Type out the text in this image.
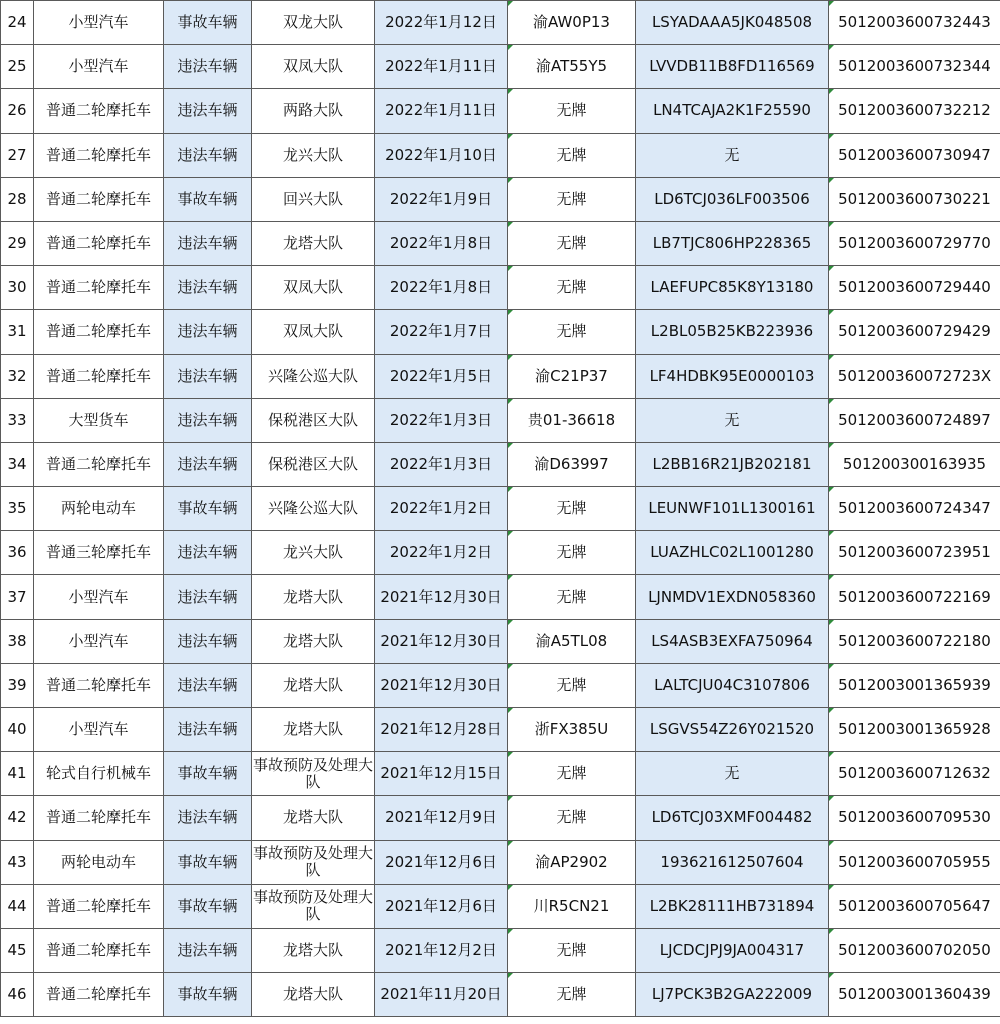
24	小型汽车	事故车辆	双龙大队	2022年1月12日	渝AW0P13	LSYADAAA5JK048508	5012003600732443
25	小型汽车	违法车辆	双凤大队	2022年1月11日	渝AT55Y5	LVVDB11B8FD116569	5012003600732344
26	普通二轮摩托车	违法车辆	两路大队	2022年1月11日	无牌	LN4TCAJA2K1F25590	5012003600732212
27	普通二轮摩托车	违法车辆	龙兴大队	2022年1月10日	无牌	无	5012003600730947
28	普通二轮摩托车	事故车辆	回兴大队	2022年1月9日	无牌	LD6TCJ036LF003506	5012003600730221
29	普通二轮摩托车	违法车辆	龙塔大队	2022年1月8日	无牌	LB7TJC806HP228365	5012003600729770
30	普通二轮摩托车	违法车辆	双凤大队	2022年1月8日	无牌	LAEFUPC85K8Y13180	5012003600729440
31	普通二轮摩托车	违法车辆	双凤大队	2022年1月7日	无牌	L2BL05B25KB223936	5012003600729429
32	普通二轮摩托车	违法车辆	兴隆公巡大队	2022年1月5日	渝C21P37	LF4HDBK95E0000103	501200360072723X
33	大型货车	违法车辆	保税港区大队	2022年1月3日	贵01-36618	无	5012003600724897
34	普通二轮摩托车	违法车辆	保税港区大队	2022年1月3日	渝D63997	L2BB16R21JB202181	501200300163935
35	两轮电动车	事故车辆	兴隆公巡大队	2022年1月2日	无牌	LEUNWF101L1300161	5012003600724347
36	普通三轮摩托车	违法车辆	龙兴大队	2022年1月2日	无牌	LUAZHLC02L1001280	5012003600723951
37	小型汽车	违法车辆	龙塔大队	2021年12月30日	无牌	LJNMDV1EXDN058360	5012003600722169
38	小型汽车	违法车辆	龙塔大队	2021年12月30日	渝A5TL08	LS4ASB3EXFA750964	5012003600722180
39	普通二轮摩托车	违法车辆	龙塔大队	2021年12月30日	无牌	LALTCJU04C3107806	5012003001365939
40	小型汽车	违法车辆	龙塔大队	2021年12月28日	浙FX385U	LSGVS54Z26Y021520	5012003001365928
41	轮式自行机械车	事故车辆	事故预防及处理大队	2021年12月15日	无牌	无	5012003600712632
42	普通二轮摩托车	违法车辆	龙塔大队	2021年12月9日	无牌	LD6TCJ03XMF004482	5012003600709530
43	两轮电动车	事故车辆	事故预防及处理大队	2021年12月6日	渝AP2902	193621612507604	5012003600705955
44	普通二轮摩托车	事故车辆	事故预防及处理大队	2021年12月6日	川R5CN21	L2BK28111HB731894	5012003600705647
45	普通二轮摩托车	违法车辆	龙塔大队	2021年12月2日	无牌	LJCDCJPJ9JA004317	5012003600702050
46	普通二轮摩托车	事故车辆	龙塔大队	2021年11月20日	无牌	LJ7PCK3B2GA222009	5012003001360439
